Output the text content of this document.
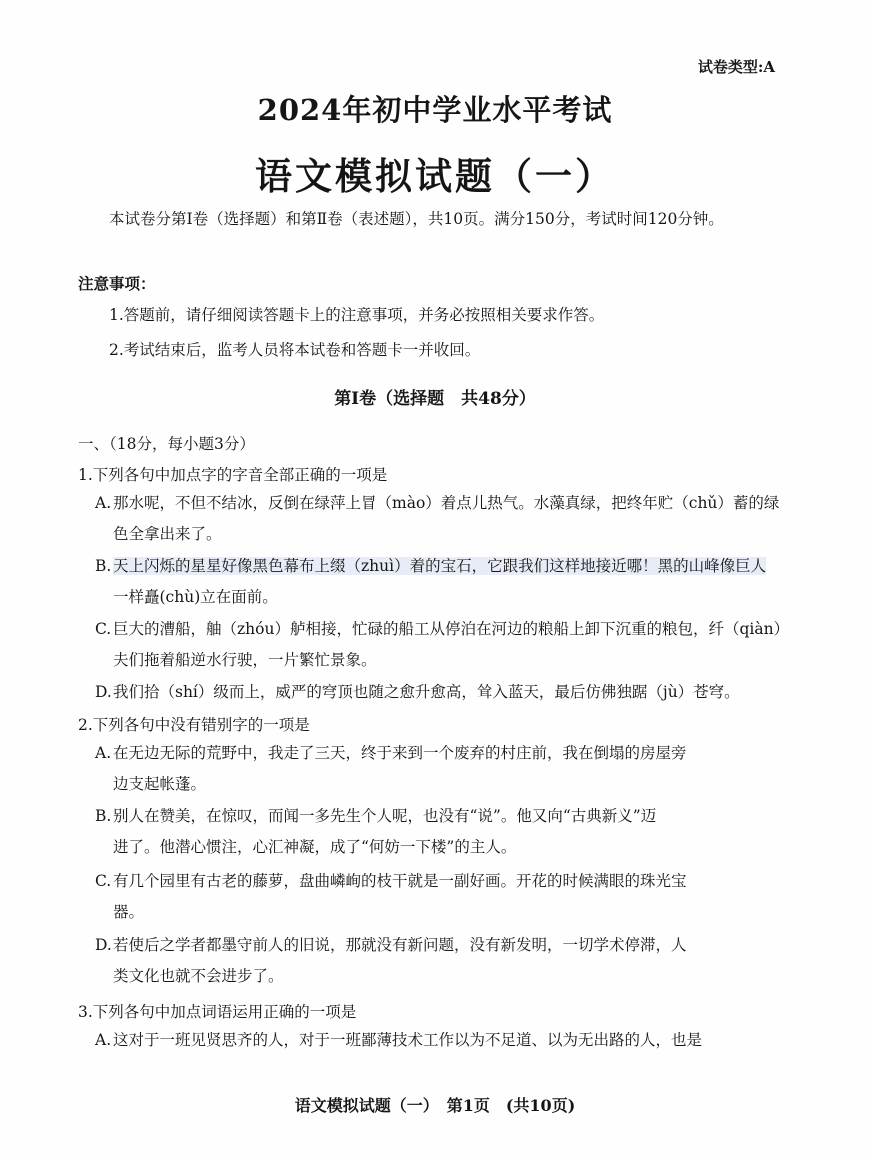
试卷类型:A
2024年初中学业水平考试
语文模拟试题（一）
本试卷分第Ⅰ卷（选择题）和第Ⅱ卷（表述题），共10页。满分150分，考试时间120分钟。
注意事项：
1.答题前，请仔细阅读答题卡上的注意事项，并务必按照相关要求作答。
2.考试结束后，监考人员将本试卷和答题卡一并收回。
第Ⅰ卷（选择题　共48分）
一、（18分，每小题3分）
1.下列各句中加点字的字音全部正确的一项是
A. 那水呢，不但不结冰，反倒在绿萍上冒（mào）着点儿热气。水藻真绿，把终年贮（chǔ）蓄的绿
色全拿出来了。
B. 天上闪烁的星星好像黑色幕布上缀（zhuì）着的宝石，它跟我们这样地接近哪！黑的山峰像巨人
一样矗(chù)立在面前。
C. 巨大的漕船，舳（zhóu）舻相接，忙碌的船工从停泊在河边的粮船上卸下沉重的粮包，纤（qiàn）
夫们拖着船逆水行驶，一片繁忙景象。
D.我们拾（shí）级而上，威严的穹顶也随之愈升愈高，耸入蓝天，最后仿佛独踞（jù）苍穹。
2.下列各句中没有错别字的一项是
A. 在无边无际的荒野中，我走了三天，终于来到一个废弃的村庄前，我在倒塌的房屋旁
边支起帐蓬。
B. 别人在赞美，在惊叹，而闻一多先生个人呢，也没有“说”。他又向“古典新义”迈
进了。他潜心惯注，心汇神凝，成了“何妨一下楼”的主人。
C. 有几个园里有古老的藤萝，盘曲嶙峋的枝干就是一副好画。开花的时候满眼的珠光宝
器。
D.若使后之学者都墨守前人的旧说，那就没有新问题，没有新发明，一切学术停滞，人
类文化也就不会进步了。
3.下列各句中加点词语运用正确的一项是
A. 这对于一班见贤思齐的人，对于一班鄙薄技术工作以为不足道、以为无出路的人，也是
语文模拟试题（一）　第1页　(共10页)
